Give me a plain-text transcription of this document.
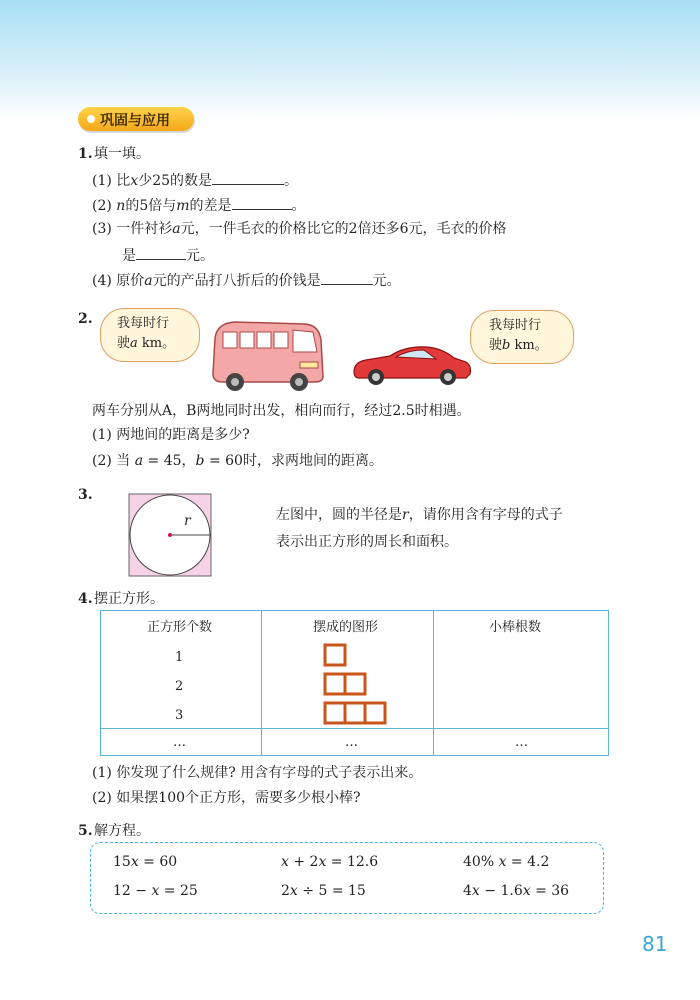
巩固与应用
1. 填一填。
(1) 比x少25的数是	。
(2) n的5倍与m的差是	。
(3) 一件衬衫a元，一件毛衣的价格比它的2倍还多6元，毛衣的价格
是	元。
(4) 原价a元的产品打八折后的价钱是	元。
2. 我每时行
驶a km。
我每时行
驶b km。
两车分别从A，B两地同时出发，相向而行，经过2.5时相遇。
(1) 两地间的距离是多少?
(2) 当 a = 45，b = 60时，求两地间的距离。
3.
r	左图中，圆的半径是r，请你用含有字母的式子
表示出正方形的周长和面积。
4. 摆正方形。
正方形个数	摆成的图形	小棒根数
1
2
3
…	…	…
(1) 你发现了什么规律? 用含有字母的式子表示出来。
(2) 如果摆100个正方形，需要多少根小棒?
5. 解方程。
15x = 60	x + 2x = 12.6	40% x = 4.2
12 − x = 25	2x ÷ 5 = 15	4x − 1.6x = 36
81
